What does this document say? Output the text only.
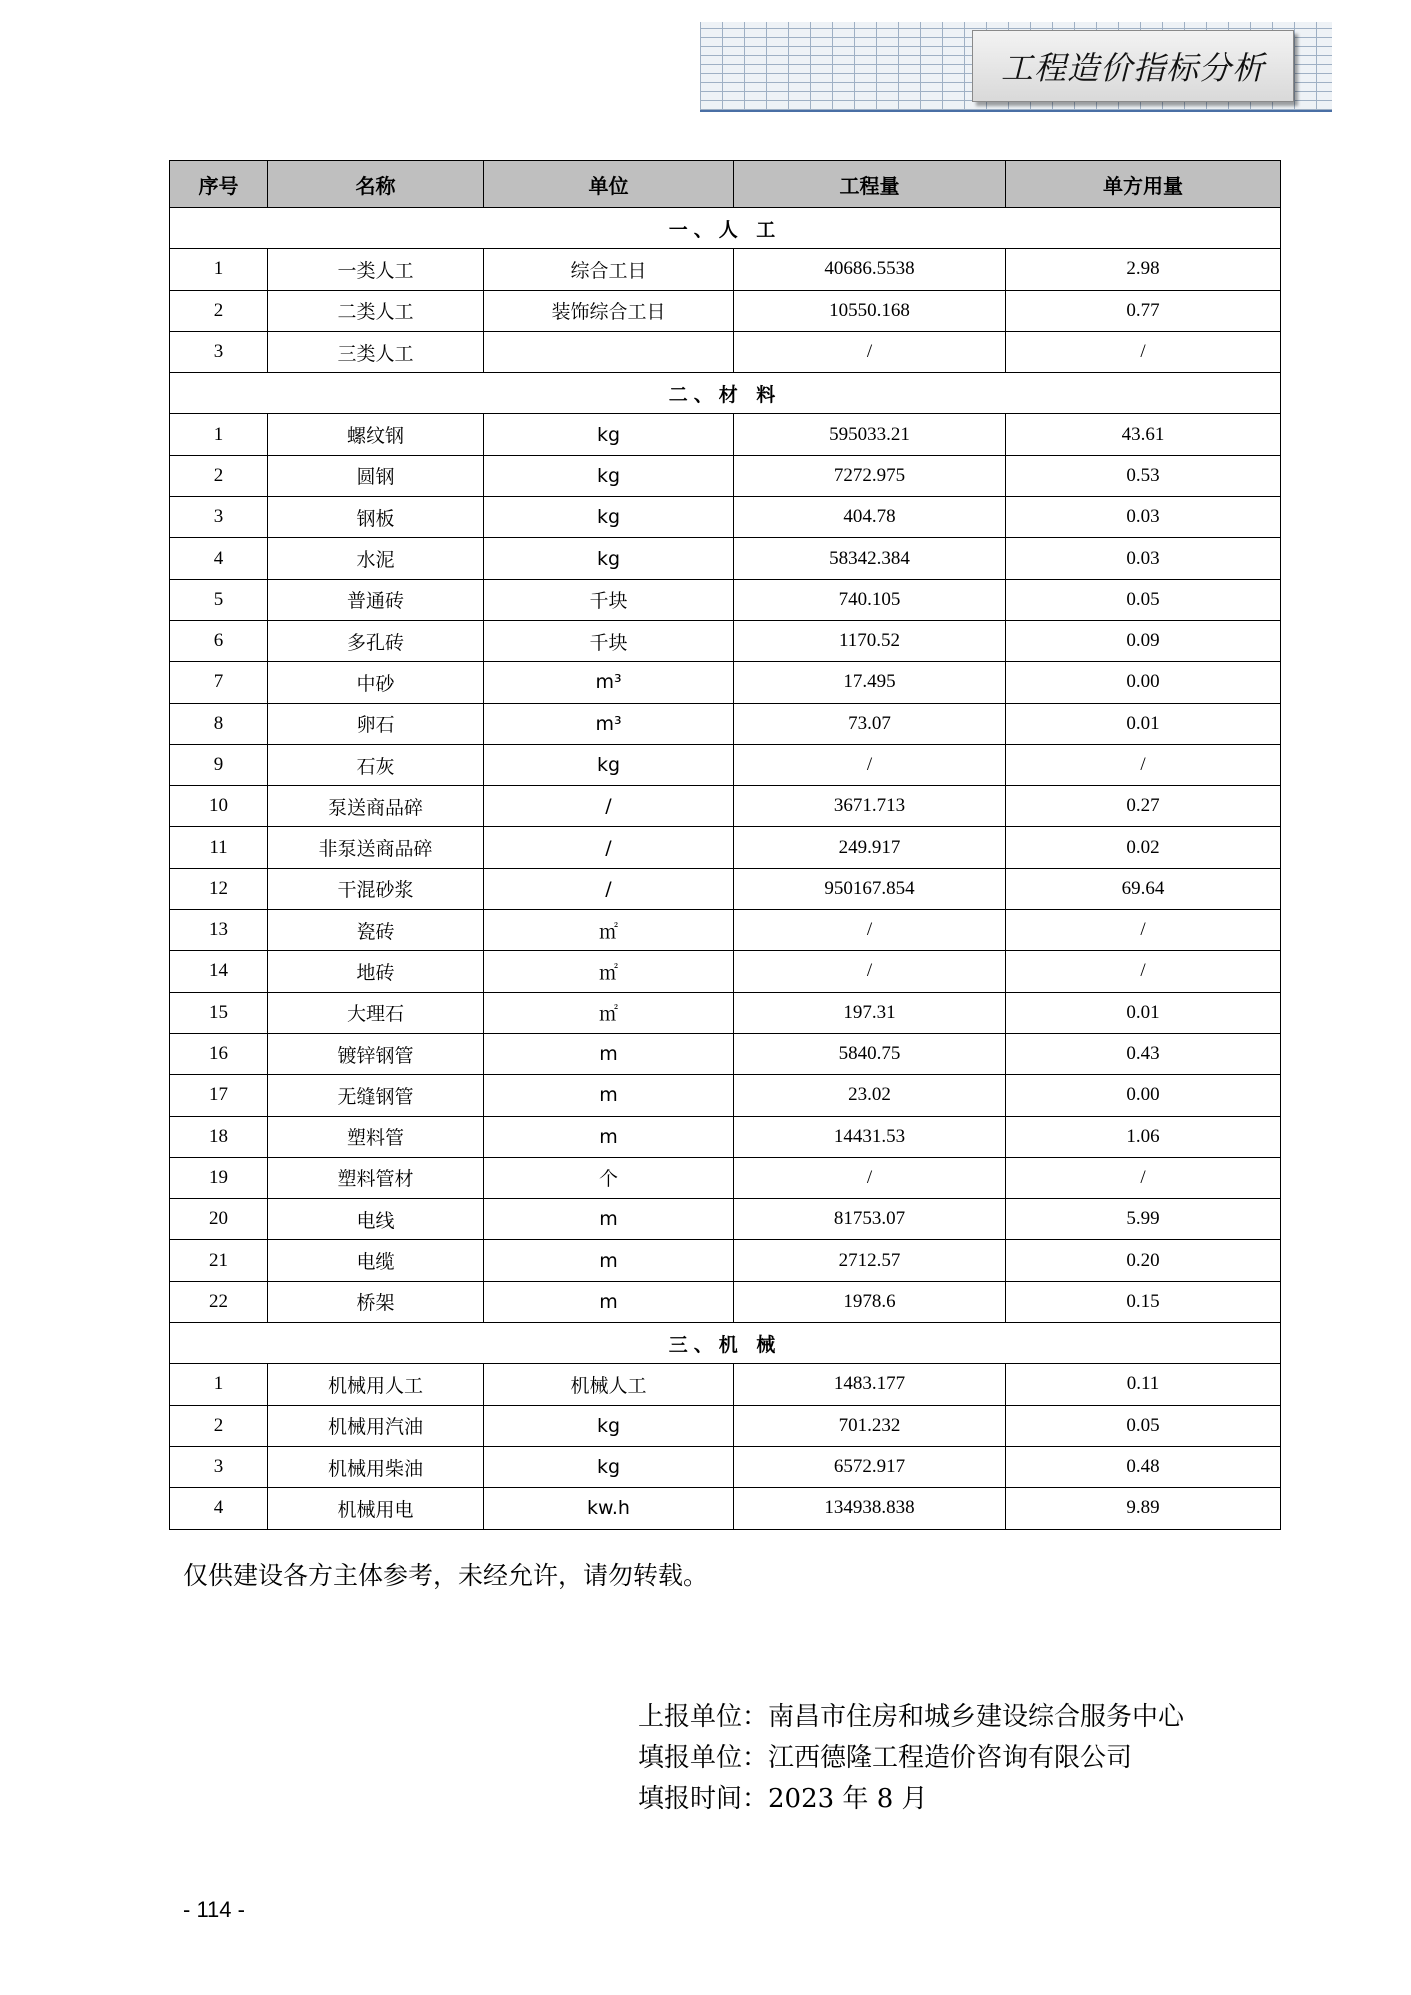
工程造价指标分析
序号	名称	单位	工程量	单方用量
一、人 工				
1	一类人工	综合工日	40686.5538	2.98
2	二类人工	装饰综合工日	10550.168	0.77
3	三类人工		/	/
二、材 料				
1	螺纹钢	kg	595033.21	43.61
2	圆钢	kg	7272.975	0.53
3	钢板	kg	404.78	0.03
4	水泥	kg	58342.384	0.03
5	普通砖	千块	740.105	0.05
6	多孔砖	千块	1170.52	0.09
7	中砂	m³	17.495	0.00
8	卵石	m³	73.07	0.01
9	石灰	kg	/	/
10	泵送商品碎	/	3671.713	0.27
11	非泵送商品碎	/	249.917	0.02
12	干混砂浆	/	950167.854	69.64
13	瓷砖	㎡	/	/
14	地砖	㎡	/	/
15	大理石	㎡	197.31	0.01
16	镀锌钢管	m	5840.75	0.43
17	无缝钢管	m	23.02	0.00
18	塑料管	m	14431.53	1.06
19	塑料管材	个	/	/
20	电线	m	81753.07	5.99
21	电缆	m	2712.57	0.20
22	桥架	m	1978.6	0.15
三、机 械				
1	机械用人工	机械人工	1483.177	0.11
2	机械用汽油	kg	701.232	0.05
3	机械用柴油	kg	6572.917	0.48
4	机械用电	kw.h	134938.838	9.89
仅供建设各方主体参考，未经允许，请勿转载。
上报单位：南昌市住房和城乡建设综合服务中心
填报单位：江西德隆工程造价咨询有限公司
填报时间：2023 年 8 月
- 114 -
